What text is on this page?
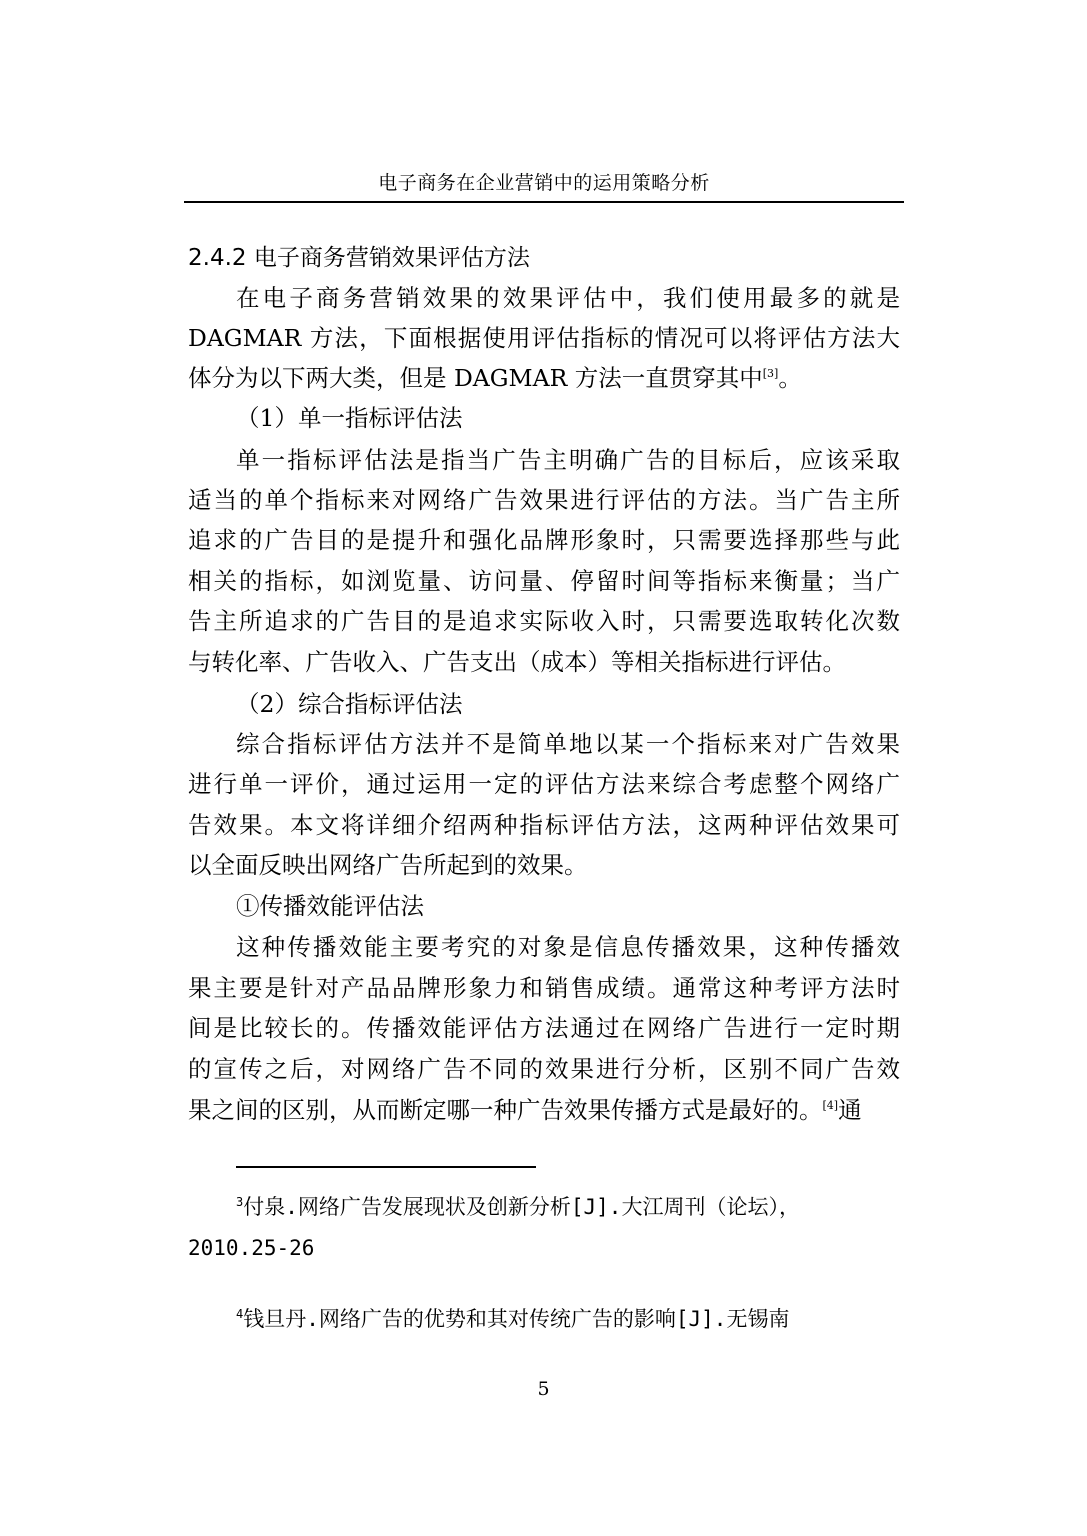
电子商务在企业营销中的运用策略分析
2.4.2 电子商务营销效果评估方法
在电子商务营销效果的效果评估中，我们使用最多的就是
DAGMAR 方法，下面根据使用评估指标的情况可以将评估方法大
体分为以下两大类，但是 DAGMAR 方法一直贯穿其中[3]。
（1）单一指标评估法
单一指标评估法是指当广告主明确广告的目标后，应该采取
适当的单个指标来对网络广告效果进行评估的方法。当广告主所
追求的广告目的是提升和强化品牌形象时，只需要选择那些与此
相关的指标，如浏览量、访问量、停留时间等指标来衡量；当广
告主所追求的广告目的是追求实际收入时，只需要选取转化次数
与转化率、广告收入、广告支出（成本）等相关指标进行评估。
（2）综合指标评估法
综合指标评估方法并不是简单地以某一个指标来对广告效果
进行单一评价，通过运用一定的评估方法来综合考虑整个网络广
告效果。本文将详细介绍两种指标评估方法，这两种评估效果可
以全面反映出网络广告所起到的效果。
①传播效能评估法
这种传播效能主要考究的对象是信息传播效果，这种传播效
果主要是针对产品品牌形象力和销售成绩。通常这种考评方法时
间是比较长的。传播效能评估方法通过在网络广告进行一定时期
的宣传之后，对网络广告不同的效果进行分析，区别不同广告效
果之间的区别，从而断定哪一种广告效果传播方式是最好的。[4]通
$^3$付泉.网络广告发展现状及创新分析[J].大江周刊（论坛），
2010.25-26
$^4$钱旦丹.网络广告的优势和其对传统广告的影响[J].无锡南
5
